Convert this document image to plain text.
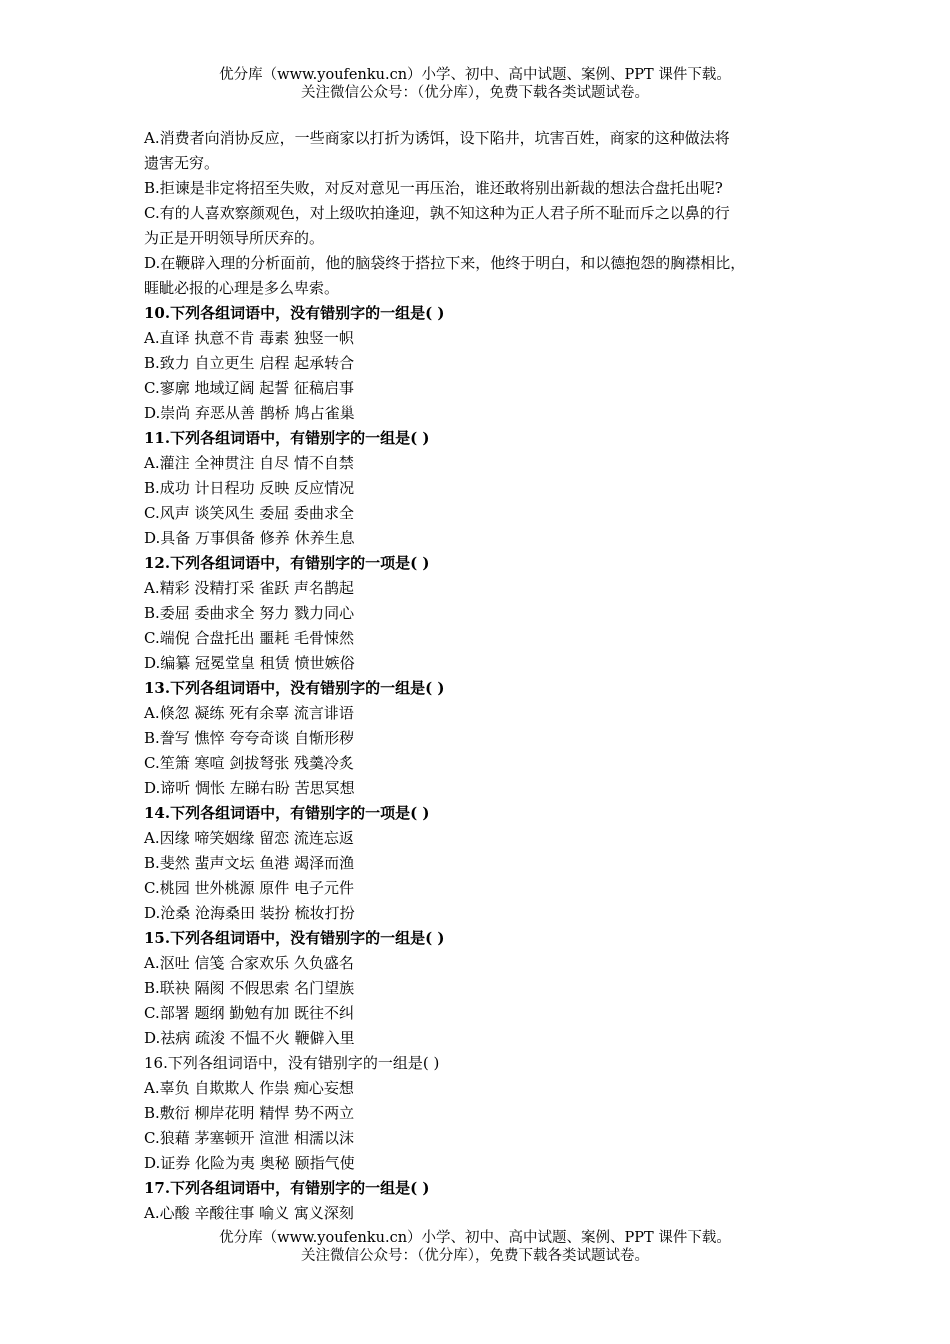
优分库（www.youfenku.cn）小学、初中、高中试题、案例、PPT 课件下载。
关注微信公众号：（优分库），免费下载各类试题试卷。
A.消费者向消协反应，一些商家以打折为诱饵，设下陷井，坑害百姓，商家的这种做法将
遗害无穷。
B.拒谏是非定将招至失败，对反对意见一再压治，谁还敢将别出新裁的想法合盘托出呢?
C.有的人喜欢察颜观色，对上级吹拍逢迎，孰不知这种为正人君子所不耻而斥之以鼻的行
为正是开明领导所厌弃的。
D.在鞭辟入理的分析面前，他的脑袋终于搭拉下来，他终于明白，和以德抱怨的胸襟相比，
睚眦必报的心理是多么卑索。
10.下列各组词语中，没有错别字的一组是( )
A.直译 执意不肯 毒素 独竖一帜
B.致力 自立更生 启程 起承转合
C.寥廓 地域辽阔 起誓 征稿启事
D.崇尚 弃恶从善 鹊桥 鸠占雀巢
11.下列各组词语中，有错别字的一组是( )
A.灌注 全神贯注 自尽 情不自禁
B.成功 计日程功 反映 反应情况
C.风声 谈笑风生 委屈 委曲求全
D.具备 万事俱备 修养 休养生息
12.下列各组词语中，有错别字的一项是( )
A.精彩 没精打采 雀跃 声名鹊起
B.委屈 委曲求全 努力 戮力同心
C.端倪 合盘托出 噩耗 毛骨悚然
D.编纂 冠冕堂皇 租赁 愤世嫉俗
13.下列各组词语中，没有错别字的一组是( )
A.倏忽 凝练 死有余辜 流言诽语
B.誊写 憔悴 夸夸奇谈 自惭形秽
C.笙箫 寒喧 剑拔弩张 残羹冷炙
D.谛听 惆怅 左睇右盼 苦思冥想
14.下列各组词语中，有错别字的一项是( )
A.因缘 啼笑姻缘 留恋 流连忘返
B.斐然 蜚声文坛 鱼港 竭泽而渔
C.桃园 世外桃源 原件 电子元件
D.沧桑 沧海桑田 装扮 梳妆打扮
15.下列各组词语中，没有错别字的一组是( )
A.沤吐 信笺 合家欢乐 久负盛名
B.联袂 隔阂 不假思索 名门望族
C.部署 题纲 勤勉有加 既往不纠
D.祛病 疏浚 不愠不火 鞭僻入里
16.下列各组词语中，没有错别字的一组是( )
A.辜负 自欺欺人 作祟 痴心妄想
B.敷衍 柳岸花明 精悍 势不两立
C.狼藉 茅塞顿开 渲泄 相濡以沫
D.证券 化险为夷 奥秘 颐指气使
17.下列各组词语中，有错别字的一组是( )
A.心酸 辛酸往事 喻义 寓义深刻
优分库（www.youfenku.cn）小学、初中、高中试题、案例、PPT 课件下载。
关注微信公众号：（优分库），免费下载各类试题试卷。
